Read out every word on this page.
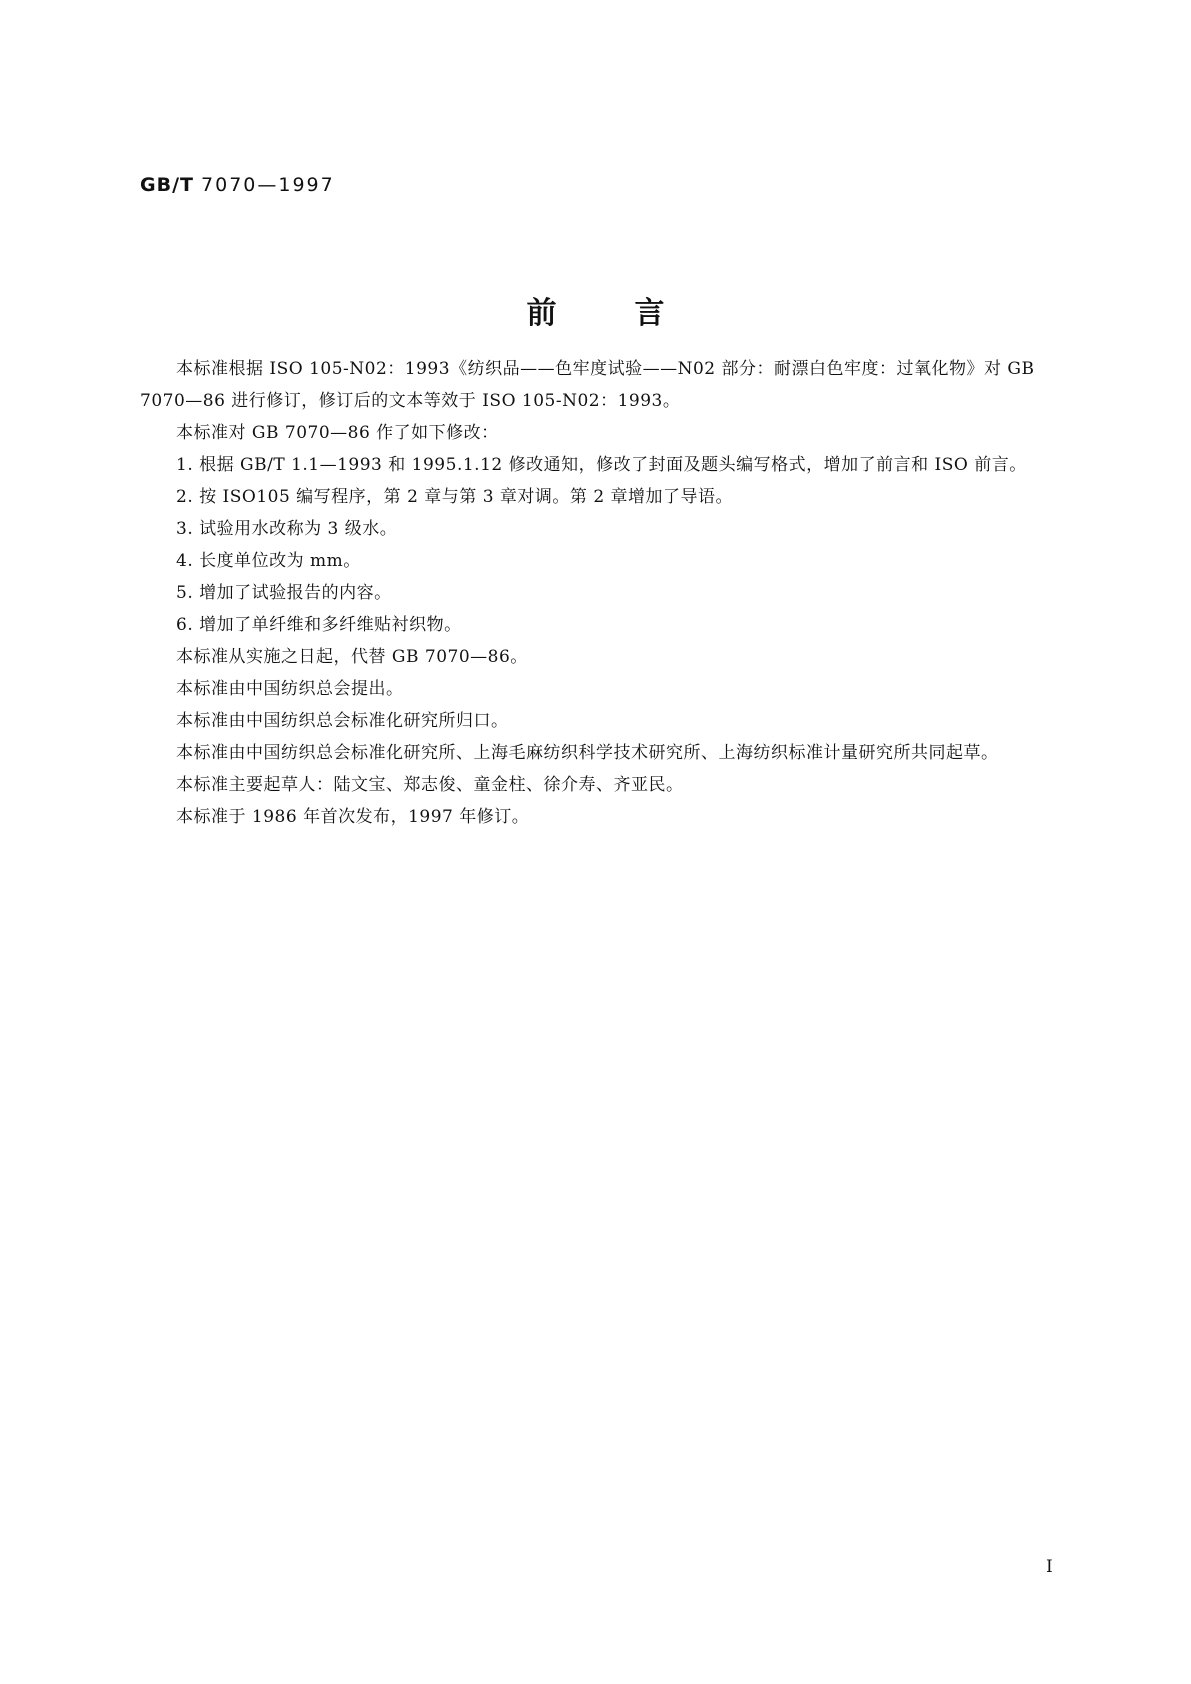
GB/T 7070—1997
前言

本标准根据 ISO 105-N02：1993《纺织品——色牢度试验——N02 部分：耐漂白色牢度：过氧化物》对 GB 7070—86 进行修订，修订后的文本等效于 ISO 105-N02：1993。

本标准对 GB 7070—86 作了如下修改：

1. 根据 GB/T 1.1—1993 和 1995.1.12 修改通知，修改了封面及题头编写格式，增加了前言和 ISO 前言。

2. 按 ISO105 编写程序，第 2 章与第 3 章对调。第 2 章增加了导语。

3. 试验用水改称为 3 级水。

4. 长度单位改为 mm。

5. 增加了试验报告的内容。

6. 增加了单纤维和多纤维贴衬织物。

本标准从实施之日起，代替 GB 7070—86。

本标准由中国纺织总会提出。

本标准由中国纺织总会标准化研究所归口。

本标准由中国纺织总会标准化研究所、上海毛麻纺织科学技术研究所、上海纺织标准计量研究所共同起草。

本标准主要起草人：陆文宝、郑志俊、童金柱、徐介寿、齐亚民。

本标准于 1986 年首次发布，1997 年修订。

I
